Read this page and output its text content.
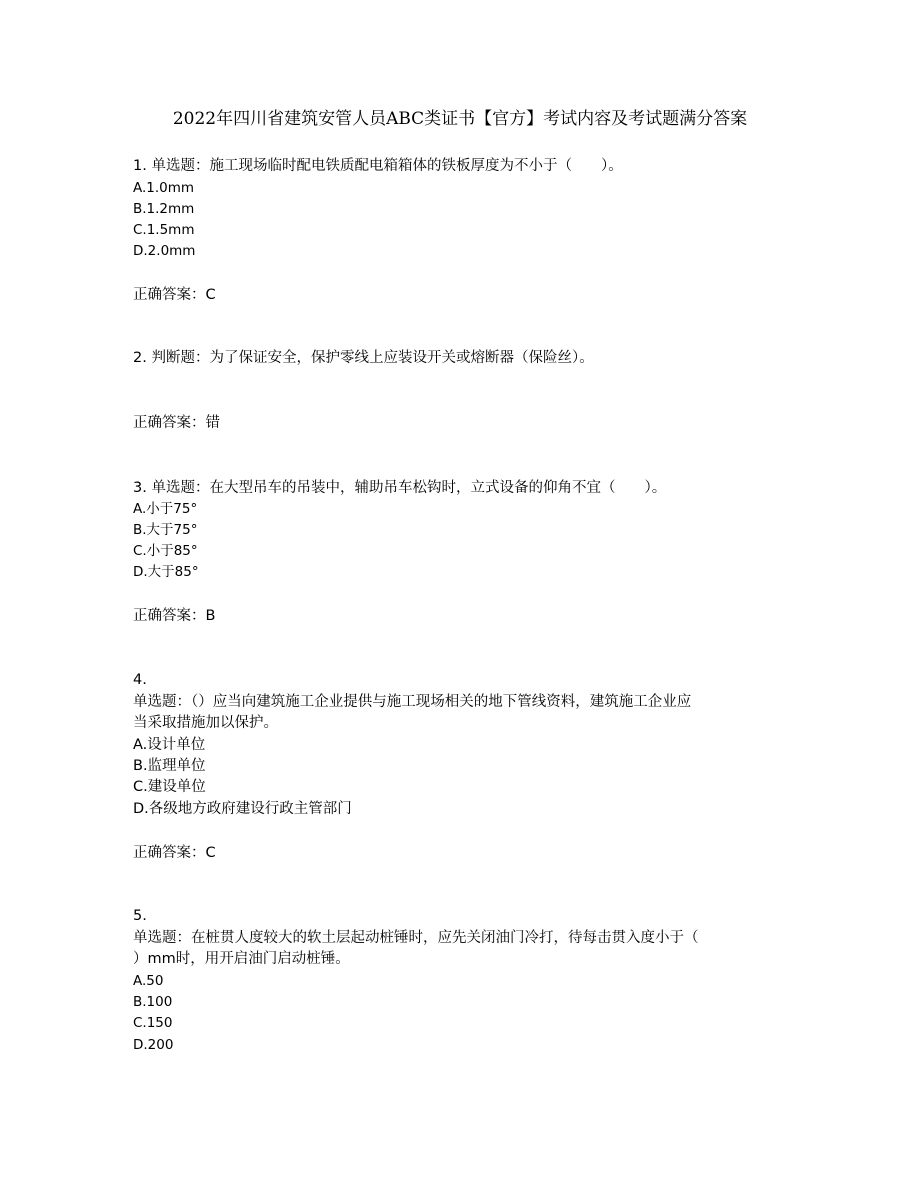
2022年四川省建筑安管人员ABC类证书【官方】考试内容及考试题满分答案
1. 单选题：施工现场临时配电铁质配电箱箱体的铁板厚度为不小于（　　）。
A.1.0mm
B.1.2mm
C.1.5mm
D.2.0mm
正确答案：C
2. 判断题：为了保证安全，保护零线上应装设开关或熔断器（保险丝）。
正确答案：错
3. 单选题：在大型吊车的吊装中，辅助吊车松钩时，立式设备的仰角不宜（　　）。
A.小于75°
B.大于75°
C.小于85°
D.大于85°
正确答案：B
4.
单选题：（）应当向建筑施工企业提供与施工现场相关的地下管线资料，建筑施工企业应
当采取措施加以保护。
A.设计单位
B.监理单位
C.建设单位
D.各级地方政府建设行政主管部门
正确答案：C
5.
单选题：在桩贯人度较大的软土层起动桩锤时，应先关闭油门冷打，待每击贯入度小于（
）mm时，用开启油门启动桩锤。
A.50
B.100
C.150
D.200
